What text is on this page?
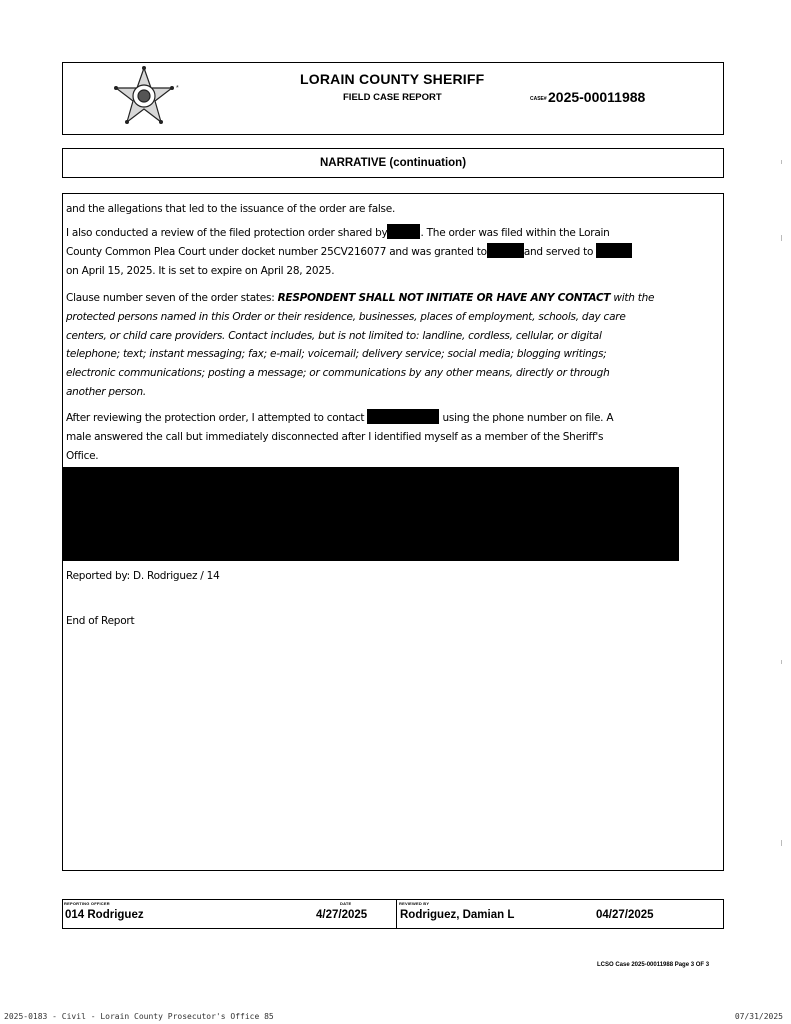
*
LORAIN COUNTY SHERIFF
FIELD CASE REPORT	CASE# 2025-00011988
NARRATIVE (continuation)

and the allegations that led to the issuance of the order are false.

I also conducted a review of the filed protection order shared by	. The order was filed within the Lorain
County Common Plea Court under docket number 25CV216077 and was granted to	and served to
on April 15, 2025. It is set to expire on April 28, 2025.

Clause number seven of the order states: RESPONDENT SHALL NOT INITIATE OR HAVE ANY CONTACT with the
protected persons named in this Order or their residence, businesses, places of employment, schools, day care
centers, or child care providers. Contact includes, but is not limited to: landline, cordless, cellular, or digital
telephone; text; instant messaging; fax; e-mail; voicemail; delivery service; social media; blogging writings;
electronic communications; posting a message; or communications by any other means, directly or through
another person.

After reviewing the protection order, I attempted to contact	using the phone number on file. A
male answered the call but immediately disconnected after I identified myself as a member of the Sheriff's
Office.

Reported by: D. Rodriguez / 14

End of Report

REPORTING OFFICER	DATE	REVIEWED BY
014 Rodriguez	4/27/2025	Rodriguez, Damian L	04/27/2025
LCSO Case 2025-00011988 Page 3 OF 3
2025-0183 - Civil - Lorain County Prosecutor's Office 85	07/31/2025
